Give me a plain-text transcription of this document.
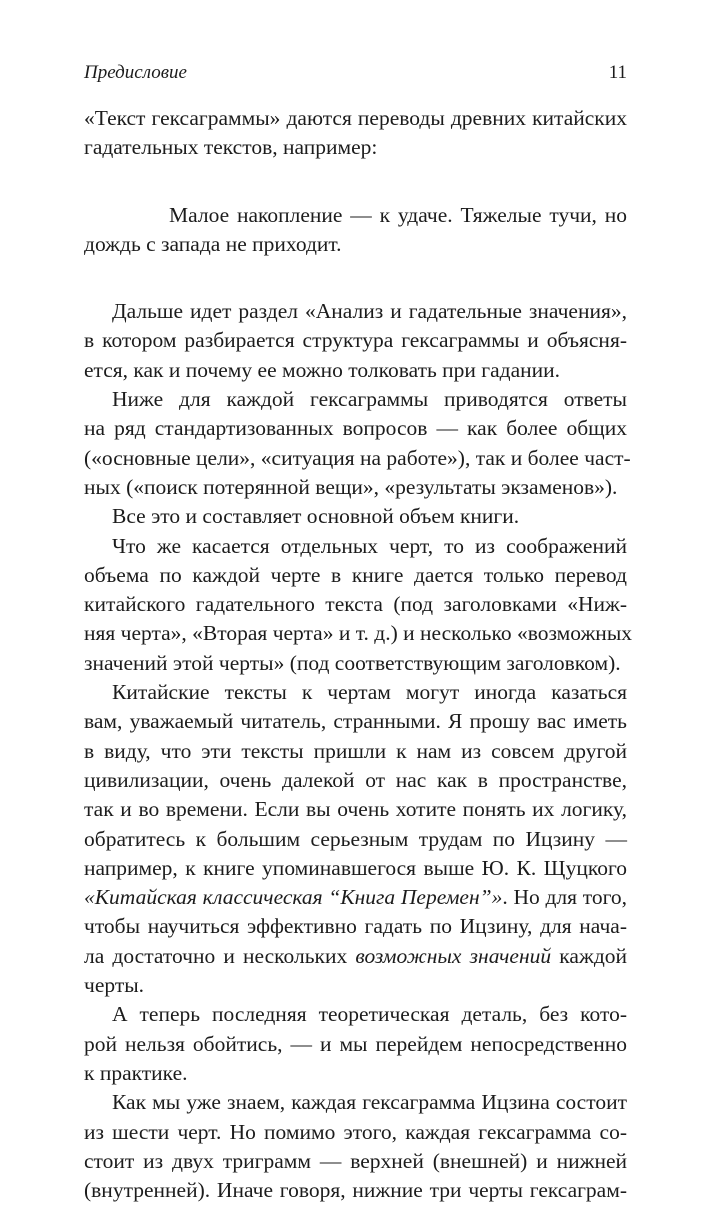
Предисловие	11
«Текст гексаграммы» даются переводы древних китайских
гадательных текстов, например:
Малое накопление — к удаче. Тяжелые тучи, но
дождь с запада не приходит.
Дальше идет раздел «Анализ и гадательные значения»,
в котором разбирается структура гексаграммы и объясня-
ется, как и почему ее можно толковать при гадании.
Ниже для каждой гексаграммы приводятся ответы
на ряд стандартизованных вопросов — как более общих
(«основные цели», «ситуация на работе»), так и более част-
ных («поиск потерянной вещи», «результаты экзаменов»).
Все это и составляет основной объем книги.
Что же касается отдельных черт, то из соображений
объема по каждой черте в книге дается только перевод
китайского гадательного текста (под заголовками «Ниж-
няя черта», «Вторая черта» и т. д.) и несколько «возможных
значений этой черты» (под соответствующим заголовком).
Китайские тексты к чертам могут иногда казаться
вам, уважаемый читатель, странными. Я прошу вас иметь
в виду, что эти тексты пришли к нам из совсем другой
цивилизации, очень далекой от нас как в пространстве,
так и во времени. Если вы очень хотите понять их логику,
обратитесь к большим серьезным трудам по Ицзину —
например, к книге упоминавшегося выше Ю. К. Щуцкого
«Китайская классическая “Книга Перемен”». Но для того,
чтобы научиться эффективно гадать по Ицзину, для нача-
ла достаточно и нескольких возможных значений каждой
черты.
А теперь последняя теоретическая деталь, без кото-
рой нельзя обойтись, — и мы перейдем непосредственно
к практике.
Как мы уже знаем, каждая гексаграмма Ицзина состоит
из шести черт. Но помимо этого, каждая гексаграмма со-
стоит из двух триграмм — верхней (внешней) и нижней
(внутренней). Иначе говоря, нижние три черты гексаграм-
